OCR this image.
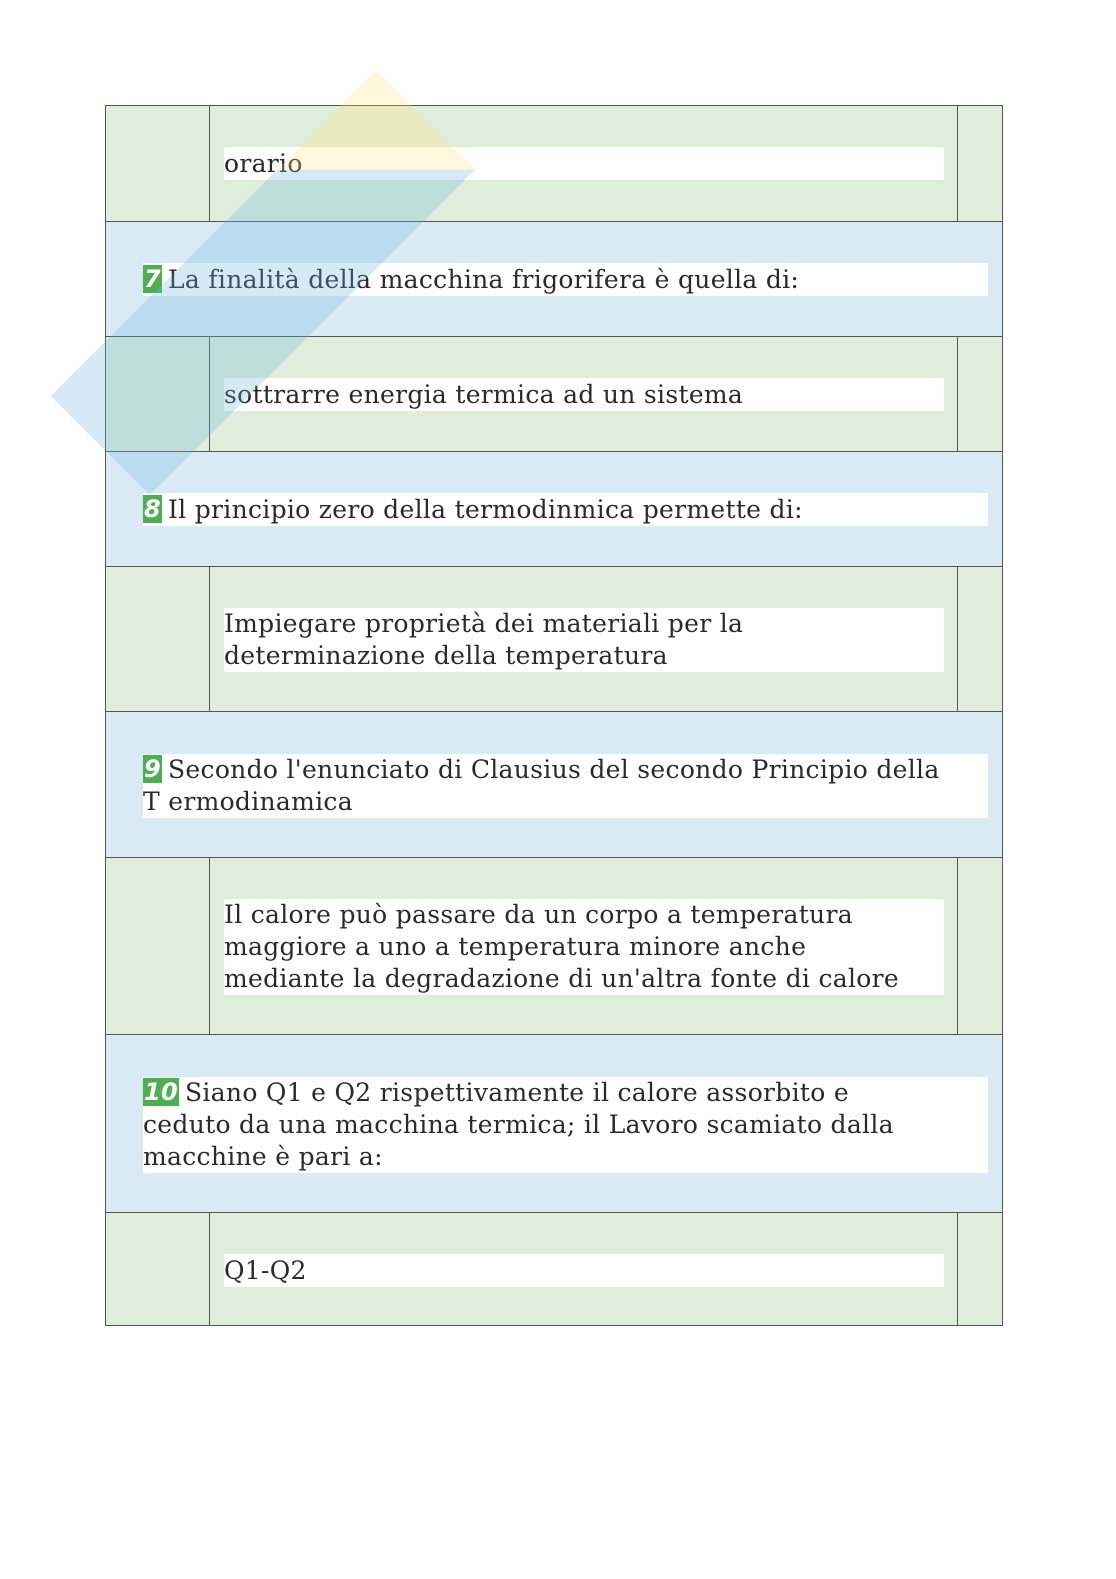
orario
7 La finalità della macchina frigorifera è quella di:
sottrarre energia termica ad un sistema
8 Il principio zero della termodinmica permette di:
Impiegare proprietà dei materiali per la
determinazione della temperatura
9 Secondo l'enunciato di Clausius del secondo Principio della
T ermodinamica
Il calore può passare da un corpo a temperatura
maggiore a uno a temperatura minore anche
mediante la degradazione di un'altra fonte di calore
10 Siano Q1 e Q2 rispettivamente il calore assorbito e
ceduto da una macchina termica; il Lavoro scamiato dalla
macchine è pari a:
Q1-Q2
